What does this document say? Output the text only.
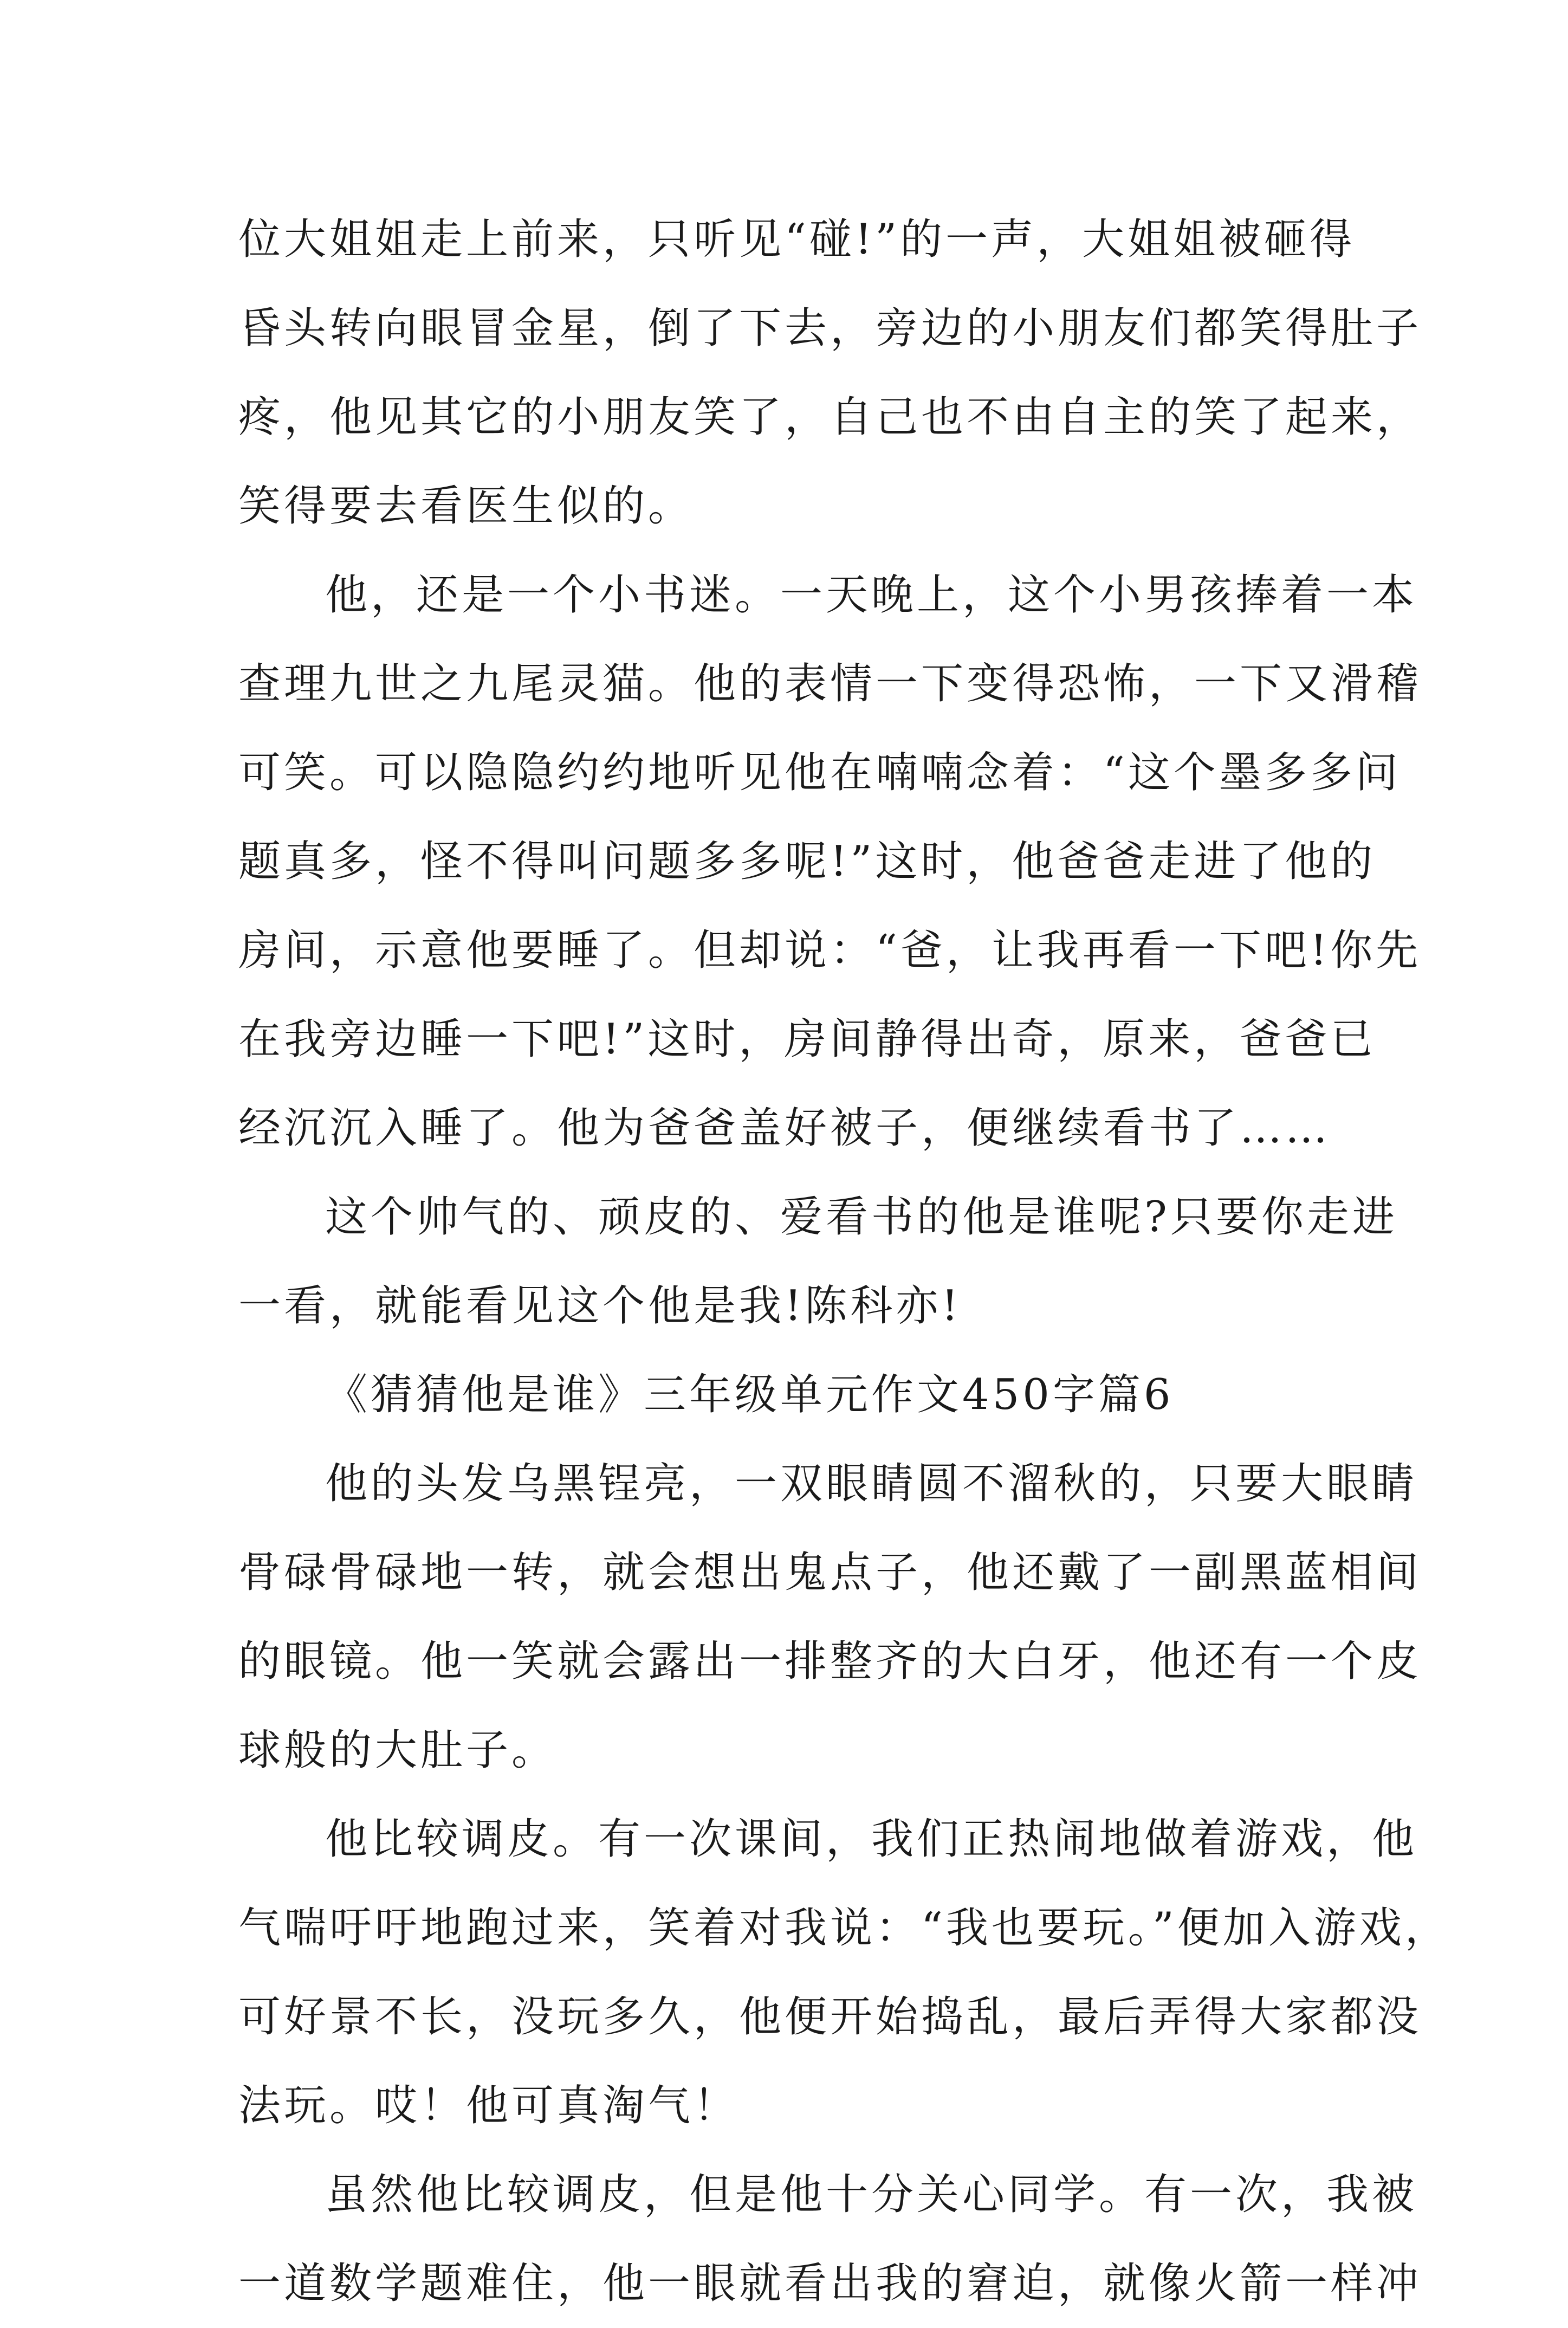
位大姐姐走上前来，只听见“碰!”的一声，大姐姐被砸得
昏头转向眼冒金星，倒了下去，旁边的小朋友们都笑得肚子
疼，他见其它的小朋友笑了，自己也不由自主的笑了起来，
笑得要去看医生似的。
他，还是一个小书迷。一天晚上，这个小男孩捧着一本
查理九世之九尾灵猫。他的表情一下变得恐怖，一下又滑稽
可笑。可以隐隐约约地听见他在喃喃念着：“这个墨多多问
题真多，怪不得叫问题多多呢!”这时，他爸爸走进了他的
房间，示意他要睡了。但却说：“爸，让我再看一下吧!你先
在我旁边睡一下吧!”这时，房间静得出奇，原来，爸爸已
经沉沉入睡了。他为爸爸盖好被子，便继续看书了……
这个帅气的、顽皮的、爱看书的他是谁呢?只要你走进
一看，就能看见这个他是我!陈科亦!
《猜猜他是谁》三年级单元作文450字篇6
他的头发乌黑锃亮，一双眼睛圆不溜秋的，只要大眼睛
骨碌骨碌地一转，就会想出鬼点子，他还戴了一副黑蓝相间
的眼镜。他一笑就会露出一排整齐的大白牙，他还有一个皮
球般的大肚子。
他比较调皮。有一次课间，我们正热闹地做着游戏，他
气喘吁吁地跑过来，笑着对我说：“我也要玩。”便加入游戏，
可好景不长，没玩多久，他便开始捣乱，最后弄得大家都没
法玩。哎！他可真淘气！
虽然他比较调皮，但是他十分关心同学。有一次，我被
一道数学题难住，他一眼就看出我的窘迫，就像火箭一样冲
